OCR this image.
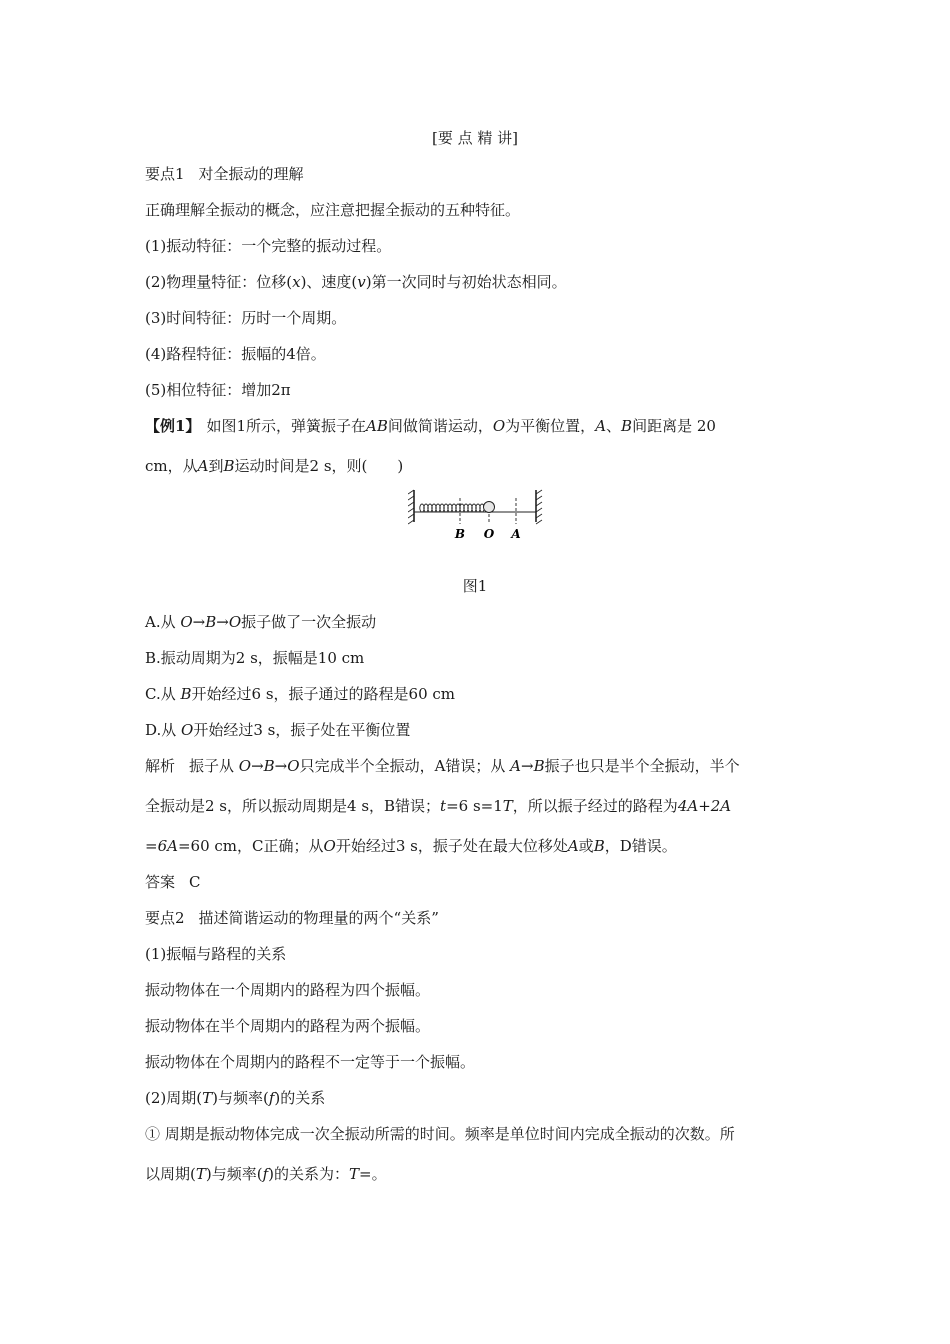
[要 点 精 讲]
要点1 对全振动的理解
正确理解全振动的概念，应注意把握全振动的五种特征。
(1)振动特征：一个完整的振动过程。
(2)物理量特征：位移(x)、速度(v)第一次同时与初始状态相同。
(3)时间特征：历时一个周期。
(4)路程特征：振幅的4倍。
(5)相位特征：增加2π
【例1】 如图1所示，弹簧振子在AB间做简谐运动，O为平衡位置，A、B间距离是 20
cm，从A到B运动时间是2 s，则(　　)
B O A
图1
A.从 O→B→O振子做了一次全振动
B.振动周期为2 s，振幅是10 cm
C.从 B开始经过6 s，振子通过的路程是60 cm
D.从 O开始经过3 s，振子处在平衡位置
解析 振子从 O→B→O只完成半个全振动，A错误；从 A→B振子也只是半个全振动，半个
全振动是2 s，所以振动周期是4 s，B错误；t=6 s=1T，所以振子经过的路程为4A+2A
=6A=60 cm，C正确；从O开始经过3 s，振子处在最大位移处A或B，D错误。
答案 C
要点2 描述简谐运动的物理量的两个“关系”
(1)振幅与路程的关系
振动物体在一个周期内的路程为四个振幅。
振动物体在半个周期内的路程为两个振幅。
振动物体在个周期内的路程不一定等于一个振幅。
(2)周期(T)与频率(f)的关系
① 周期是振动物体完成一次全振动所需的时间。频率是单位时间内完成全振动的次数。所
以周期(T)与频率(f)的关系为：T=。
